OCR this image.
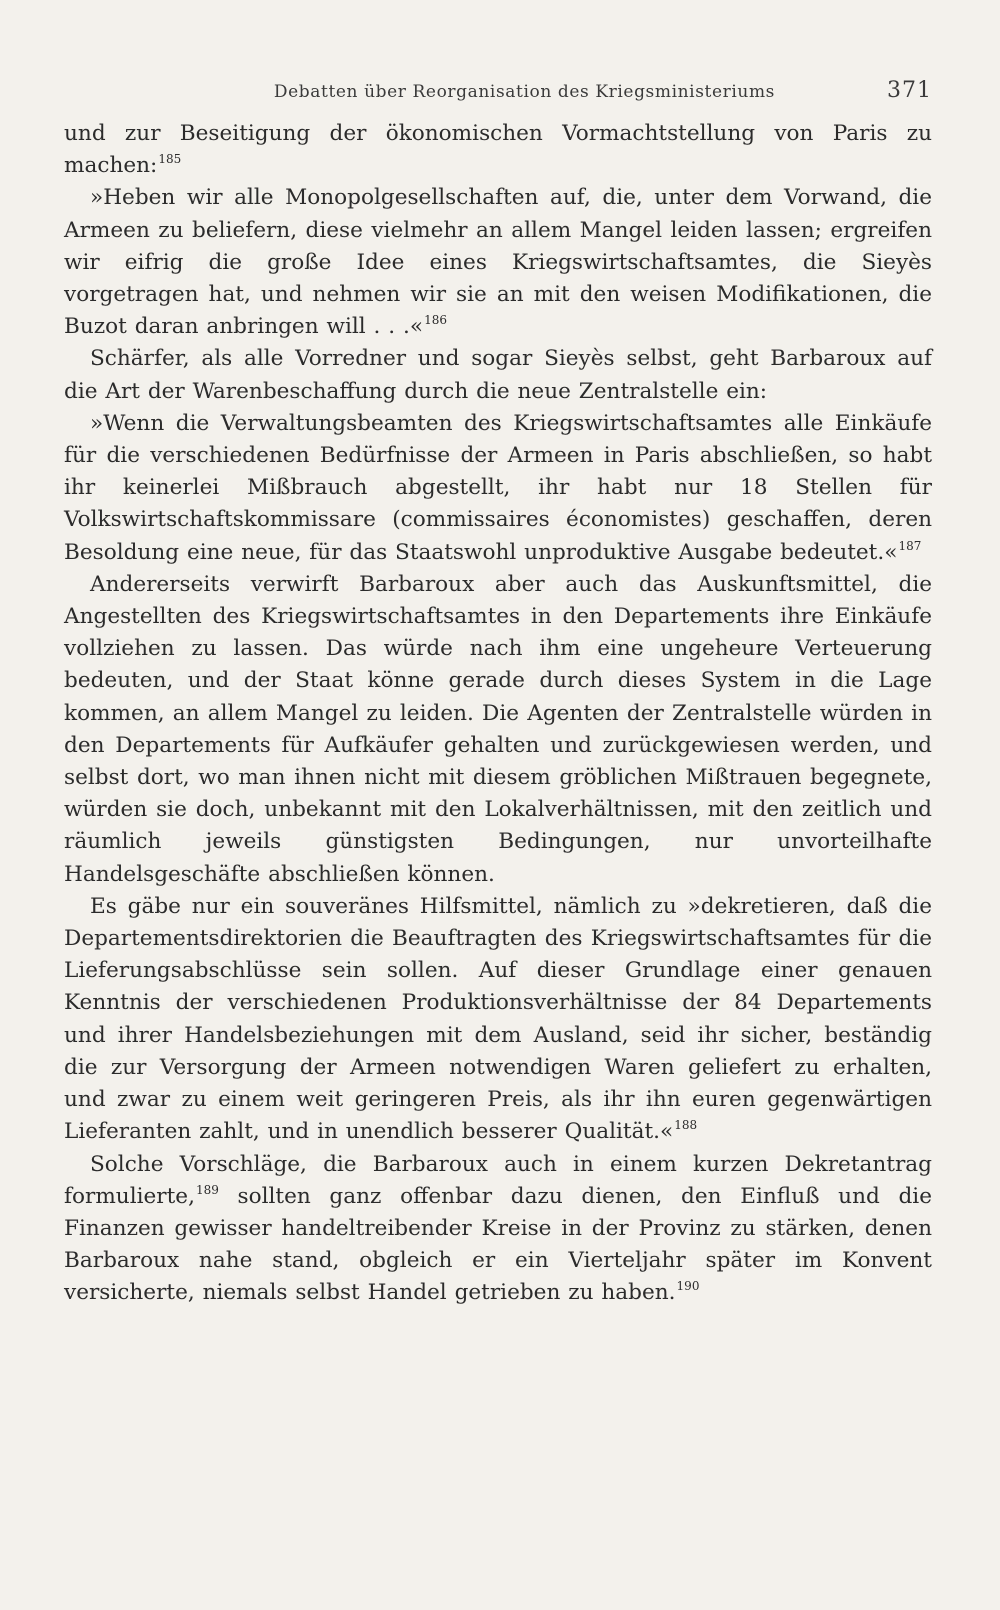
Debatten über Reorganisation des Kriegsministeriums	371

und zur Beseitigung der ökonomischen Vormachtstellung von Paris zu machen:$^{185}$

»Heben wir alle Monopolgesellschaften auf, die, unter dem Vorwand, die Armeen zu beliefern, diese vielmehr an allem Mangel leiden lassen; ergreifen wir eifrig die große Idee eines Kriegswirtschaftsamtes, die Sieyès vorgetragen hat, und nehmen wir sie an mit den weisen Modifikationen, die Buzot daran anbringen will . . .«$^{186}$

Schärfer, als alle Vorredner und sogar Sieyès selbst, geht Barbaroux auf die Art der Warenbeschaffung durch die neue Zentralstelle ein:

»Wenn die Verwaltungsbeamten des Kriegswirtschaftsamtes alle Einkäufe für die verschiedenen Bedürfnisse der Armeen in Paris abschließen, so habt ihr keinerlei Mißbrauch abgestellt, ihr habt nur 18 Stellen für Volkswirtschaftskommissare (commissaires économistes) geschaffen, deren Besoldung eine neue, für das Staatswohl unproduktive Ausgabe bedeutet.«$^{187}$

Andererseits verwirft Barbaroux aber auch das Auskunftsmittel, die Angestellten des Kriegswirtschaftsamtes in den Departements ihre Einkäufe vollziehen zu lassen. Das würde nach ihm eine ungeheure Verteuerung bedeuten, und der Staat könne gerade durch dieses System in die Lage kommen, an allem Mangel zu leiden. Die Agenten der Zentralstelle würden in den Departements für Aufkäufer gehalten und zurückgewiesen werden, und selbst dort, wo man ihnen nicht mit diesem gröblichen Mißtrauen begegnete, würden sie doch, unbekannt mit den Lokalverhältnissen, mit den zeitlich und räumlich jeweils günstigsten Bedingungen, nur unvorteilhafte Handelsgeschäfte abschließen können.

Es gäbe nur ein souveränes Hilfsmittel, nämlich zu »dekretieren, daß die Departementsdirektorien die Beauftragten des Kriegswirtschaftsamtes für die Lieferungsabschlüsse sein sollen. Auf dieser Grundlage einer genauen Kenntnis der verschiedenen Produktionsverhältnisse der 84 Departements und ihrer Handelsbeziehungen mit dem Ausland, seid ihr sicher, beständig die zur Versorgung der Armeen notwendigen Waren geliefert zu erhalten, und zwar zu einem weit geringeren Preis, als ihr ihn euren gegenwärtigen Lieferanten zahlt, und in unendlich besserer Qualität.«$^{188}$

Solche Vorschläge, die Barbaroux auch in einem kurzen Dekretantrag formulierte,$^{189}$ sollten ganz offenbar dazu dienen, den Einfluß und die Finanzen gewisser handeltreibender Kreise in der Provinz zu stärken, denen Barbaroux nahe stand, obgleich er ein Vierteljahr später im Konvent versicherte, niemals selbst Handel getrieben zu haben.$^{190}$
